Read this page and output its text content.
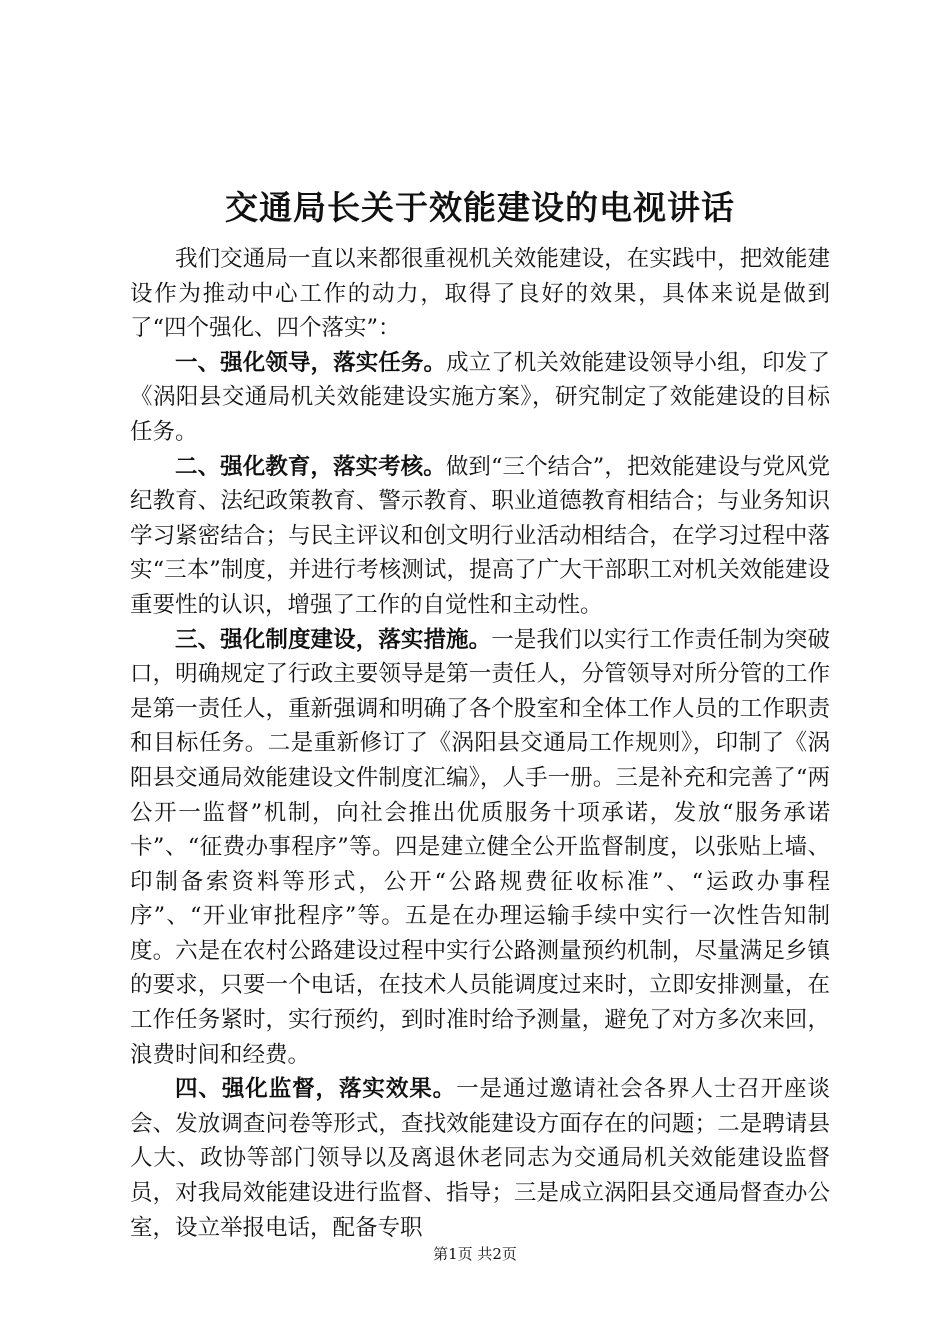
交通局长关于效能建设的电视讲话

我们交通局一直以来都很重视机关效能建设，在实践中，把效能建设作为推动中心工作的动力，取得了良好的效果，具体来说是做到了“四个强化、四个落实”：

一、强化领导，落实任务。成立了机关效能建设领导小组，印发了《涡阳县交通局机关效能建设实施方案》，研究制定了效能建设的目标任务。

二、强化教育，落实考核。做到“三个结合”，把效能建设与党风党纪教育、法纪政策教育、警示教育、职业道德教育相结合；与业务知识学习紧密结合；与民主评议和创文明行业活动相结合，在学习过程中落实“三本”制度，并进行考核测试，提高了广大干部职工对机关效能建设重要性的认识，增强了工作的自觉性和主动性。

三、强化制度建设，落实措施。一是我们以实行工作责任制为突破口，明确规定了行政主要领导是第一责任人，分管领导对所分管的工作是第一责任人，重新强调和明确了各个股室和全体工作人员的工作职责和目标任务。二是重新修订了《涡阳县交通局工作规则》，印制了《涡阳县交通局效能建设文件制度汇编》，人手一册。三是补充和完善了“两公开一监督”机制，向社会推出优质服务十项承诺，发放“服务承诺卡”、“征费办事程序”等。四是建立健全公开监督制度，以张贴上墙、印制备索资料等形式，公开“公路规费征收标准”、“运政办事程序”、“开业审批程序”等。五是在办理运输手续中实行一次性告知制度。六是在农村公路建设过程中实行公路测量预约机制，尽量满足乡镇的要求，只要一个电话，在技术人员能调度过来时，立即安排测量，在工作任务紧时，实行预约，到时准时给予测量，避免了对方多次来回，浪费时间和经费。

四、强化监督，落实效果。一是通过邀请社会各界人士召开座谈会、发放调查问卷等形式，查找效能建设方面存在的问题；二是聘请县人大、政协等部门领导以及离退休老同志为交通局机关效能建设监督员，对我局效能建设进行监督、指导；三是成立涡阳县交通局督查办公室，设立举报电话，配备专职

第1页 共2页
